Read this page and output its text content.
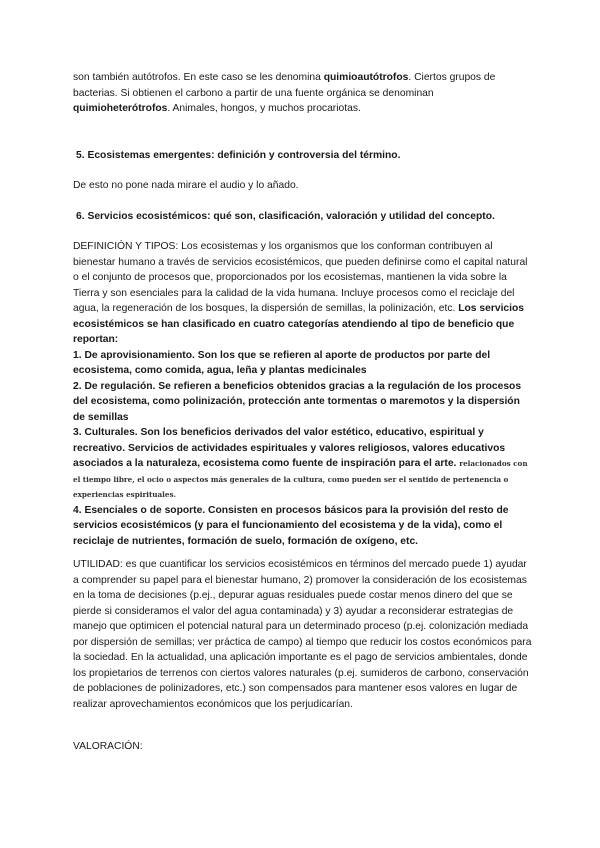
son también autótrofos. En este caso se les denomina quimioautótrofos. Ciertos grupos de bacterias. Si obtienen el carbono a partir de una fuente orgánica se denominan quimioheterótrofos. Animales, hongos, y muchos procariotas.

5. Ecosistemas emergentes: definición y controversia del término.

De esto no pone nada mirare el audio y lo añado.

6. Servicios ecosistémicos: qué son, clasificación, valoración y utilidad del concepto.

DEFINICIÓN Y TIPOS: Los ecosistemas y los organismos que los conforman contribuyen al bienestar humano a través de servicios ecosistémicos, que pueden definirse como el capital natural o el conjunto de procesos que, proporcionados por los ecosistemas, mantienen la vida sobre la Tierra y son esenciales para la calidad de la vida humana. Incluye procesos como el reciclaje del agua, la regeneración de los bosques, la dispersión de semillas, la polinización, etc. Los servicios ecosistémicos se han clasificado en cuatro categorías atendiendo al tipo de beneficio que reportan:
1. De aprovisionamiento. Son los que se refieren al aporte de productos por parte del ecosistema, como comida, agua, leña y plantas medicinales
2. De regulación. Se refieren a beneficios obtenidos gracias a la regulación de los procesos del ecosistema, como polinización, protección ante tormentas o maremotos y la dispersión de semillas
3. Culturales. Son los beneficios derivados del valor estético, educativo, espiritual y recreativo. Servicios de actividades espirituales y valores religiosos, valores educativos asociados a la naturaleza, ecosistema como fuente de inspiración para el arte. relacionados con el tiempo libre, el ocio o aspectos más generales de la cultura, como pueden ser el sentido de pertenencia o experiencias espirituales.
4. Esenciales o de soporte. Consisten en procesos básicos para la provisión del resto de servicios ecosistémicos (y para el funcionamiento del ecosistema y de la vida), como el reciclaje de nutrientes, formación de suelo, formación de oxígeno, etc.

UTILIDAD: es que cuantificar los servicios ecosistémicos en términos del mercado puede 1) ayudar a comprender su papel para el bienestar humano, 2) promover la consideración de los ecosistemas en la toma de decisiones (p.ej., depurar aguas residuales puede costar menos dinero del que se pierde si consideramos el valor del agua contaminada) y 3) ayudar a reconsiderar estrategias de manejo que optimicen el potencial natural para un determinado proceso (p.ej. colonización mediada por dispersión de semillas; ver práctica de campo) al tiempo que reducir los costos económicos para la sociedad. En la actualidad, una aplicación importante es el pago de servicios ambientales, donde los propietarios de terrenos con ciertos valores naturales (p.ej. sumideros de carbono, conservación de poblaciones de polinizadores, etc.) son compensados para mantener esos valores en lugar de realizar aprovechamientos económicos que los perjudicarían.

VALORACIÓN:
